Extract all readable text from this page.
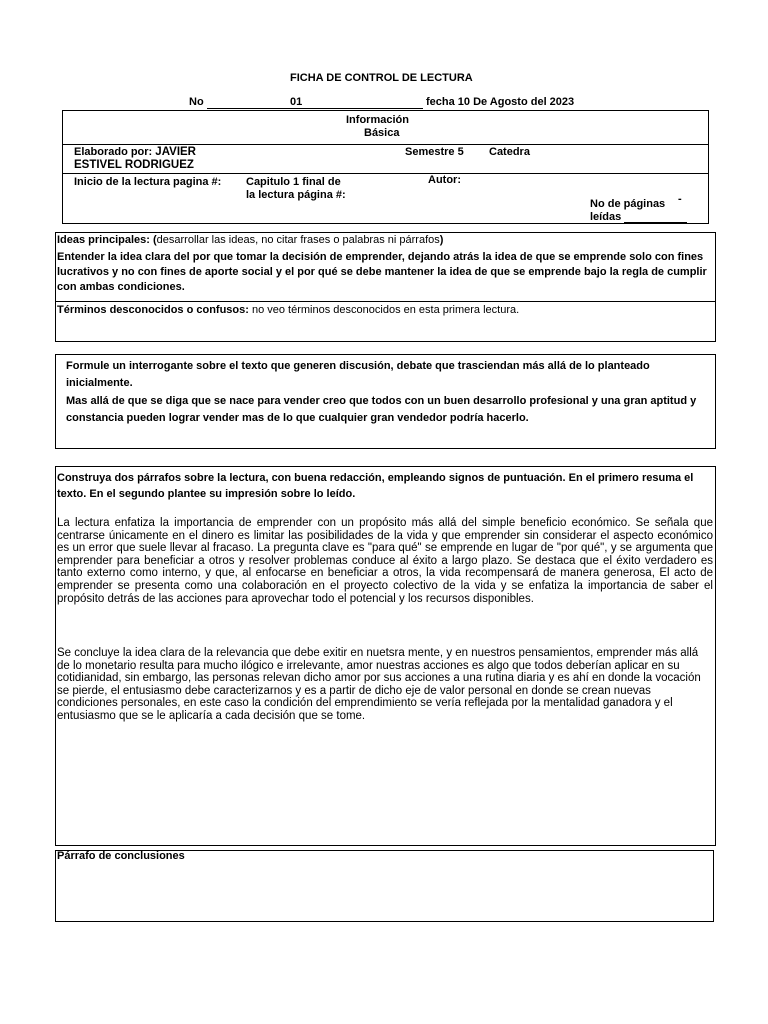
FICHA DE CONTROL DE LECTURA
No	01	fecha 10 De Agosto del 2023
Información
Básica
Elaborado por: JAVIER
ESTIVEL RODRIGUEZ
Semestre 5 Catedra
Inicio de la lectura pagina #: Capitulo 1 final de
la lectura página #:
Autor:
No de páginas -
leídas
Ideas principales: (desarrollar las ideas, no citar frases o palabras ni párrafos)
Entender la idea clara del por que tomar la decisión de emprender, dejando atrás la idea de que se emprende solo con fines lucrativos y no con fines de aporte social y el por qué se debe mantener la idea de que se emprende bajo la regla de cumplir con ambas condiciones.
Términos desconocidos o confusos: no veo términos desconocidos en esta primera lectura.
Formule un interrogante sobre el texto que generen discusión, debate que trasciendan más allá de lo planteado inicialmente.
Mas allá de que se diga que se nace para vender creo que todos con un buen desarrollo profesional y una gran aptitud y constancia pueden lograr vender mas de lo que cualquier gran vendedor podría hacerlo.
Construya dos párrafos sobre la lectura, con buena redacción, empleando signos de puntuación. En el primero resuma el texto. En el segundo plantee su impresión sobre lo leído.
La lectura enfatiza la importancia de emprender con un propósito más allá del simple beneficio económico. Se señala que centrarse únicamente en el dinero es limitar las posibilidades de la vida y que emprender sin considerar el aspecto económico es un error que suele llevar al fracaso. La pregunta clave es "para qué" se emprende en lugar de "por qué", y se argumenta que emprender para beneficiar a otros y resolver problemas conduce al éxito a largo plazo. Se destaca que el éxito verdadero es tanto externo como interno, y que, al enfocarse en beneficiar a otros, la vida recompensará de manera generosa, El acto de emprender se presenta como una colaboración en el proyecto colectivo de la vida y se enfatiza la importancia de saber el propósito detrás de las acciones para aprovechar todo el potencial y los recursos disponibles.
Se concluye la idea clara de la relevancia que debe exitir en nuetsra mente, y en nuestros pensamientos, emprender más allá de lo monetario resulta para mucho ilógico e irrelevante, amor nuestras acciones es algo que todos deberían aplicar en su cotidianidad, sin embargo, las personas relevan dicho amor por sus acciones a una rutina diaria y es ahí en donde la vocación se pierde, el entusiasmo debe caracterizarnos y es a partir de dicho eje de valor personal en donde se crean nuevas condiciones personales, en este caso la condición del emprendimiento se vería reflejada por la mentalidad ganadora y el entusiasmo que se le aplicaría a cada decisión que se tome.
Párrafo de conclusiones
